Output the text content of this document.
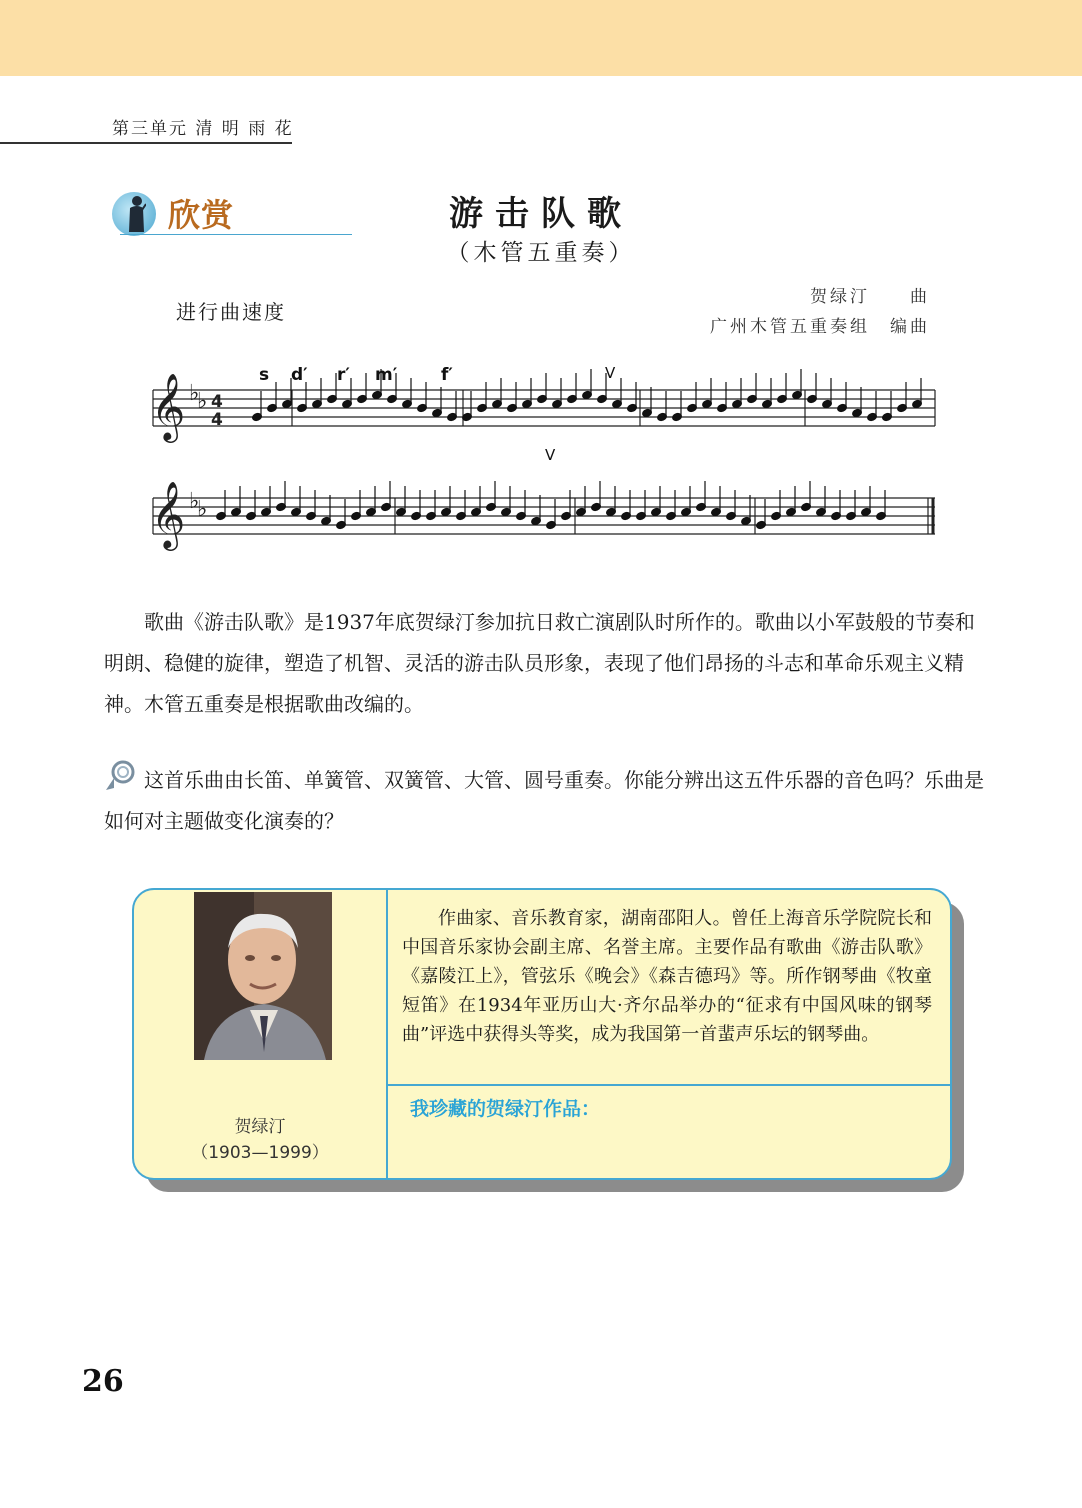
第三单元 清 明 雨 花
欣赏	游击队歌
（木管五重奏）
进行曲速度
贺绿汀　　曲
广州木管五重奏组　编曲
𝄞 ♭
♭ 4
4
s d′ r′ m′	f′	V
𝄞 ♭
♭
V
歌曲《游击队歌》是1937年底贺绿汀参加抗日救亡演剧队时所作的。歌曲以小军鼓般的节奏和明朗、稳健的旋律，塑造了机智、灵活的游击队员形象，表现了他们昂扬的斗志和革命乐观主义精神。木管五重奏是根据歌曲改编的。
这首乐曲由长笛、单簧管、双簧管、大管、圆号重奏。你能分辨出这五件乐器的音色吗？乐曲是如何对主题做变化演奏的？
贺绿汀
（1903—1999）
作曲家、音乐教育家，湖南邵阳人。曾任上海音乐学院院长和中国音乐家协会副主席、名誉主席。主要作品有歌曲《游击队歌》《嘉陵江上》，管弦乐《晚会》《森吉德玛》等。所作钢琴曲《牧童短笛》在1934年亚历山大·齐尔品举办的“征求有中国风味的钢琴曲”评选中获得头等奖，成为我国第一首蜚声乐坛的钢琴曲。
我珍藏的贺绿汀作品：
26
